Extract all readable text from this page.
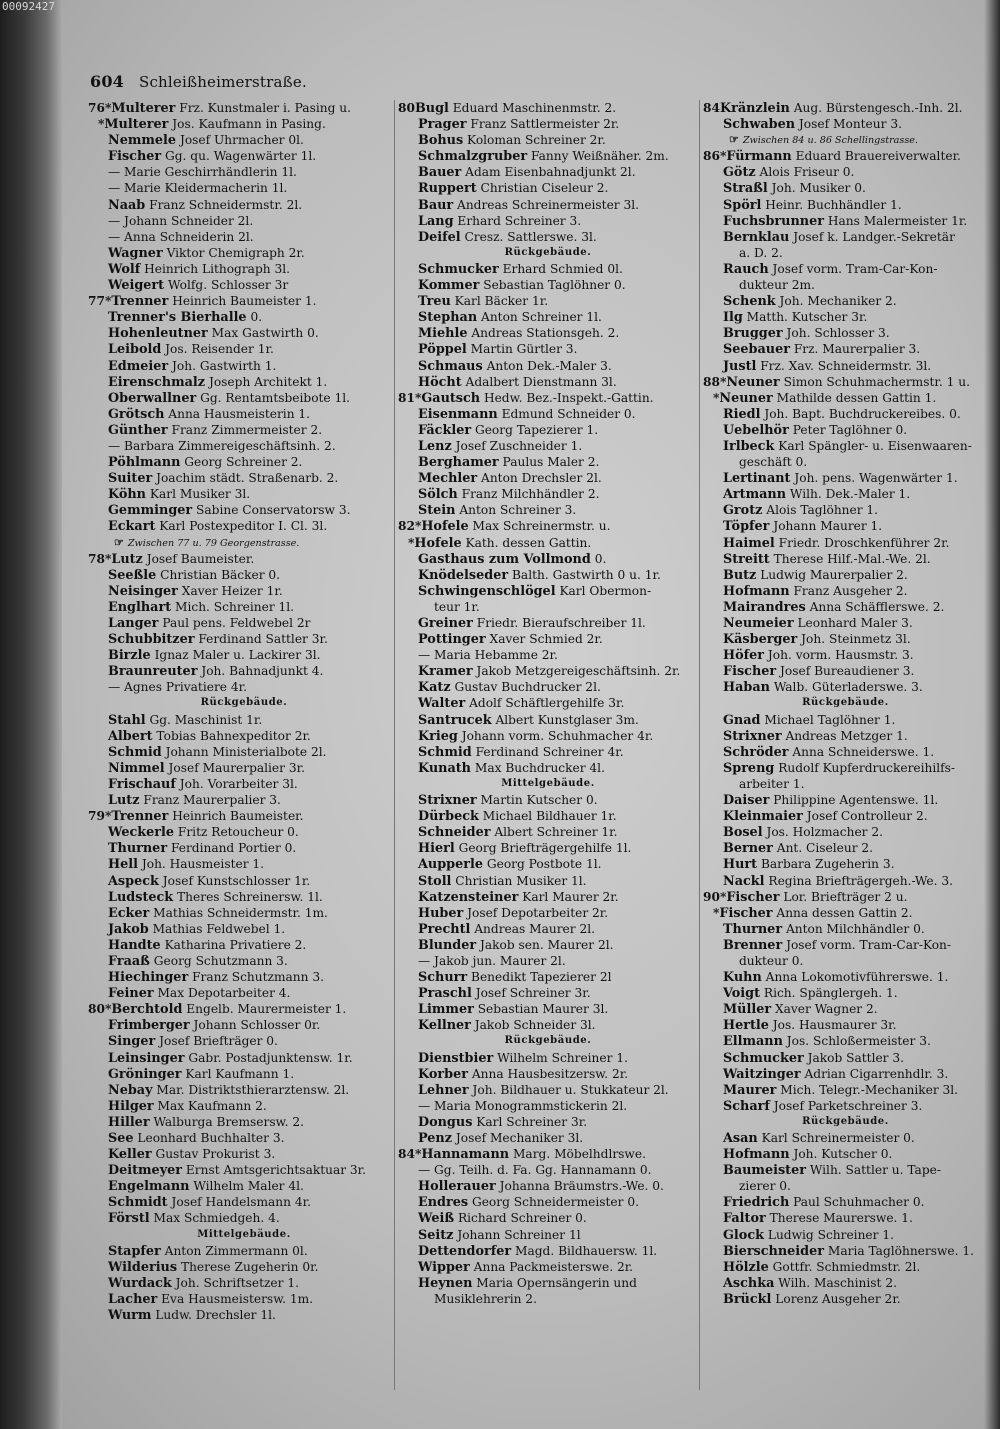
00092427
604 Schleißheimerstraße.
76*Multerer Frz. Kunstmaler i. Pasing u.
*Multerer Jos. Kaufmann in Pasing.
Nemmele Josef Uhrmacher 0l.
Fischer Gg. qu. Wagenwärter 1l.
— Marie Geschirrhändlerin 1l.
— Marie Kleidermacherin 1l.
Naab Franz Schneidermstr. 2l.
— Johann Schneider 2l.
— Anna Schneiderin 2l.
Wagner Viktor Chemigraph 2r.
Wolf Heinrich Lithograph 3l.
Weigert Wolfg. Schlosser 3r
77*Trenner Heinrich Baumeister 1.
Trenner's Bierhalle 0.
Hohenleutner Max Gastwirth 0.
Leibold Jos. Reisender 1r.
Edmeier Joh. Gastwirth 1.
Eirenschmalz Joseph Architekt 1.
Oberwallner Gg. Rentamtsbeibote 1l.
Grötsch Anna Hausmeisterin 1.
Günther Franz Zimmermeister 2.
— Barbara Zimmereigeschäftsinh. 2.
Pöhlmann Georg Schreiner 2.
Suiter Joachim städt. Straßenarb. 2.
Köhn Karl Musiker 3l.
Gemminger Sabine Conservatorsw 3.
Eckart Karl Postexpeditor I. Cl. 3l.
☞ Zwischen 77 u. 79 Georgenstrasse.
78*Lutz Josef Baumeister.
Seeßle Christian Bäcker 0.
Neisinger Xaver Heizer 1r.
Englhart Mich. Schreiner 1l.
Langer Paul pens. Feldwebel 2r
Schubbitzer Ferdinand Sattler 3r.
Birzle Ignaz Maler u. Lackirer 3l.
Braunreuter Joh. Bahnadjunkt 4.
— Agnes Privatiere 4r.
Rückgebäude.
Stahl Gg. Maschinist 1r.
Albert Tobias Bahnexpeditor 2r.
Schmid Johann Ministerialbote 2l.
Nimmel Josef Maurerpalier 3r.
Frischauf Joh. Vorarbeiter 3l.
Lutz Franz Maurerpalier 3.
79*Trenner Heinrich Baumeister.
Weckerle Fritz Retoucheur 0.
Thurner Ferdinand Portier 0.
Hell Joh. Hausmeister 1.
Aspeck Josef Kunstschlosser 1r.
Ludsteck Theres Schreinersw. 1l.
Ecker Mathias Schneidermstr. 1m.
Jakob Mathias Feldwebel 1.
Handte Katharina Privatiere 2.
Fraaß Georg Schutzmann 3.
Hiechinger Franz Schutzmann 3.
Feiner Max Depotarbeiter 4.
80*Berchtold Engelb. Maurermeister 1.
Frimberger Johann Schlosser 0r.
Singer Josef Briefträger 0.
Leinsinger Gabr. Postadjunktensw. 1r.
Gröninger Karl Kaufmann 1.
Nebay Mar. Distriktsthierarztensw. 2l.
Hilger Max Kaufmann 2.
Hiller Walburga Bremsersw. 2.
See Leonhard Buchhalter 3.
Keller Gustav Prokurist 3.
Deitmeyer Ernst Amtsgerichtsaktuar 3r.
Engelmann Wilhelm Maler 4l.
Schmidt Josef Handelsmann 4r.
Förstl Max Schmiedgeh. 4.
Mittelgebäude.
Stapfer Anton Zimmermann 0l.
Wilderius Therese Zugeherin 0r.
Wurdack Joh. Schriftsetzer 1.
Lacher Eva Hausmeistersw. 1m.
Wurm Ludw. Drechsler 1l.
80Bugl Eduard Maschinenmstr. 2.
Prager Franz Sattlermeister 2r.
Bohus Koloman Schreiner 2r.
Schmalzgruber Fanny Weißnäher. 2m.
Bauer Adam Eisenbahnadjunkt 2l.
Ruppert Christian Ciseleur 2.
Baur Andreas Schreinermeister 3l.
Lang Erhard Schreiner 3.
Deifel Cresz. Sattlerswe. 3l.
Rückgebäude.
Schmucker Erhard Schmied 0l.
Kommer Sebastian Taglöhner 0.
Treu Karl Bäcker 1r.
Stephan Anton Schreiner 1l.
Miehle Andreas Stationsgeh. 2.
Pöppel Martin Gürtler 3.
Schmaus Anton Dek.-Maler 3.
Höcht Adalbert Dienstmann 3l.
81*Gautsch Hedw. Bez.-Inspekt.-Gattin.
Eisenmann Edmund Schneider 0.
Fäckler Georg Tapezierer 1.
Lenz Josef Zuschneider 1.
Berghamer Paulus Maler 2.
Mechler Anton Drechsler 2l.
Sölch Franz Milchhändler 2.
Stein Anton Schreiner 3.
82*Hofele Max Schreinermstr. u.
*Hofele Kath. dessen Gattin.
Gasthaus zum Vollmond 0.
Knödelseder Balth. Gastwirth 0 u. 1r.
Schwingenschlögel Karl Obermon-
teur 1r.
Greiner Friedr. Bieraufschreiber 1l.
Pottinger Xaver Schmied 2r.
— Maria Hebamme 2r.
Kramer Jakob Metzgereigeschäftsinh. 2r.
Katz Gustav Buchdrucker 2l.
Walter Adolf Schäftlergehilfe 3r.
Santrucek Albert Kunstglaser 3m.
Krieg Johann vorm. Schuhmacher 4r.
Schmid Ferdinand Schreiner 4r.
Kunath Max Buchdrucker 4l.
Mittelgebäude.
Strixner Martin Kutscher 0.
Dürbeck Michael Bildhauer 1r.
Schneider Albert Schreiner 1r.
Hierl Georg Briefträgergehilfe 1l.
Aupperle Georg Postbote 1l.
Stoll Christian Musiker 1l.
Katzensteiner Karl Maurer 2r.
Huber Josef Depotarbeiter 2r.
Prechtl Andreas Maurer 2l.
Blunder Jakob sen. Maurer 2l.
— Jakob jun. Maurer 2l.
Schurr Benedikt Tapezierer 2l
Praschl Josef Schreiner 3r.
Limmer Sebastian Maurer 3l.
Kellner Jakob Schneider 3l.
Rückgebäude.
Dienstbier Wilhelm Schreiner 1.
Korber Anna Hausbesitzersw. 2r.
Lehner Joh. Bildhauer u. Stukkateur 2l.
— Maria Monogrammstickerin 2l.
Dongus Karl Schreiner 3r.
Penz Josef Mechaniker 3l.
84*Hannamann Marg. Möbelhdlrswe.
— Gg. Teilh. d. Fa. Gg. Hannamann 0.
Hollerauer Johanna Bräumstrs.-We. 0.
Endres Georg Schneidermeister 0.
Weiß Richard Schreiner 0.
Seitz Johann Schreiner 1l
Dettendorfer Magd. Bildhauersw. 1l.
Wipper Anna Packmeisterswe. 2r.
Heynen Maria Opernsängerin und
Musiklehrerin 2.
84Kränzlein Aug. Bürstengesch.-Inh. 2l.
Schwaben Josef Monteur 3.
☞ Zwischen 84 u. 86 Schellingstrasse.
86*Fürmann Eduard Brauereiverwalter.
Götz Alois Friseur 0.
Straßl Joh. Musiker 0.
Spörl Heinr. Buchhändler 1.
Fuchsbrunner Hans Malermeister 1r.
Bernklau Josef k. Landger.-Sekretär
a. D. 2.
Rauch Josef vorm. Tram-Car-Kon-
dukteur 2m.
Schenk Joh. Mechaniker 2.
Ilg Matth. Kutscher 3r.
Brugger Joh. Schlosser 3.
Seebauer Frz. Maurerpalier 3.
Justl Frz. Xav. Schneidermstr. 3l.
88*Neuner Simon Schuhmachermstr. 1 u.
*Neuner Mathilde dessen Gattin 1.
Riedl Joh. Bapt. Buchdruckereibes. 0.
Uebelhör Peter Taglöhner 0.
Irlbeck Karl Spängler- u. Eisenwaaren-
geschäft 0.
Lertinant Joh. pens. Wagenwärter 1.
Artmann Wilh. Dek.-Maler 1.
Grotz Alois Taglöhner 1.
Töpfer Johann Maurer 1.
Haimel Friedr. Droschkenführer 2r.
Streitt Therese Hilf.-Mal.-We. 2l.
Butz Ludwig Maurerpalier 2.
Hofmann Franz Ausgeher 2.
Mairandres Anna Schäfflerswe. 2.
Neumeier Leonhard Maler 3.
Käsberger Joh. Steinmetz 3l.
Höfer Joh. vorm. Hausmstr. 3.
Fischer Josef Bureaudiener 3.
Haban Walb. Güterladerswe. 3.
Rückgebäude.
Gnad Michael Taglöhner 1.
Strixner Andreas Metzger 1.
Schröder Anna Schneiderswe. 1.
Spreng Rudolf Kupferdruckereihilfs-
arbeiter 1.
Daiser Philippine Agentenswe. 1l.
Kleinmaier Josef Controlleur 2.
Bosel Jos. Holzmacher 2.
Berner Ant. Ciseleur 2.
Hurt Barbara Zugeherin 3.
Nackl Regina Briefträgergeh.-We. 3.
90*Fischer Lor. Briefträger 2 u.
*Fischer Anna dessen Gattin 2.
Thurner Anton Milchhändler 0.
Brenner Josef vorm. Tram-Car-Kon-
dukteur 0.
Kuhn Anna Lokomotivführerswe. 1.
Voigt Rich. Spänglergeh. 1.
Müller Xaver Wagner 2.
Hertle Jos. Hausmaurer 3r.
Ellmann Jos. Schloßermeister 3.
Schmucker Jakob Sattler 3.
Waitzinger Adrian Cigarrenhdlr. 3.
Maurer Mich. Telegr.-Mechaniker 3l.
Scharf Josef Parketschreiner 3.
Rückgebäude.
Asan Karl Schreinermeister 0.
Hofmann Joh. Kutscher 0.
Baumeister Wilh. Sattler u. Tape-
zierer 0.
Friedrich Paul Schuhmacher 0.
Faltor Therese Maurerswe. 1.
Glock Ludwig Schreiner 1.
Bierschneider Maria Taglöhnerswe. 1.
Hölzle Gottfr. Schmiedmstr. 2l.
Aschka Wilh. Maschinist 2.
Brückl Lorenz Ausgeher 2r.
